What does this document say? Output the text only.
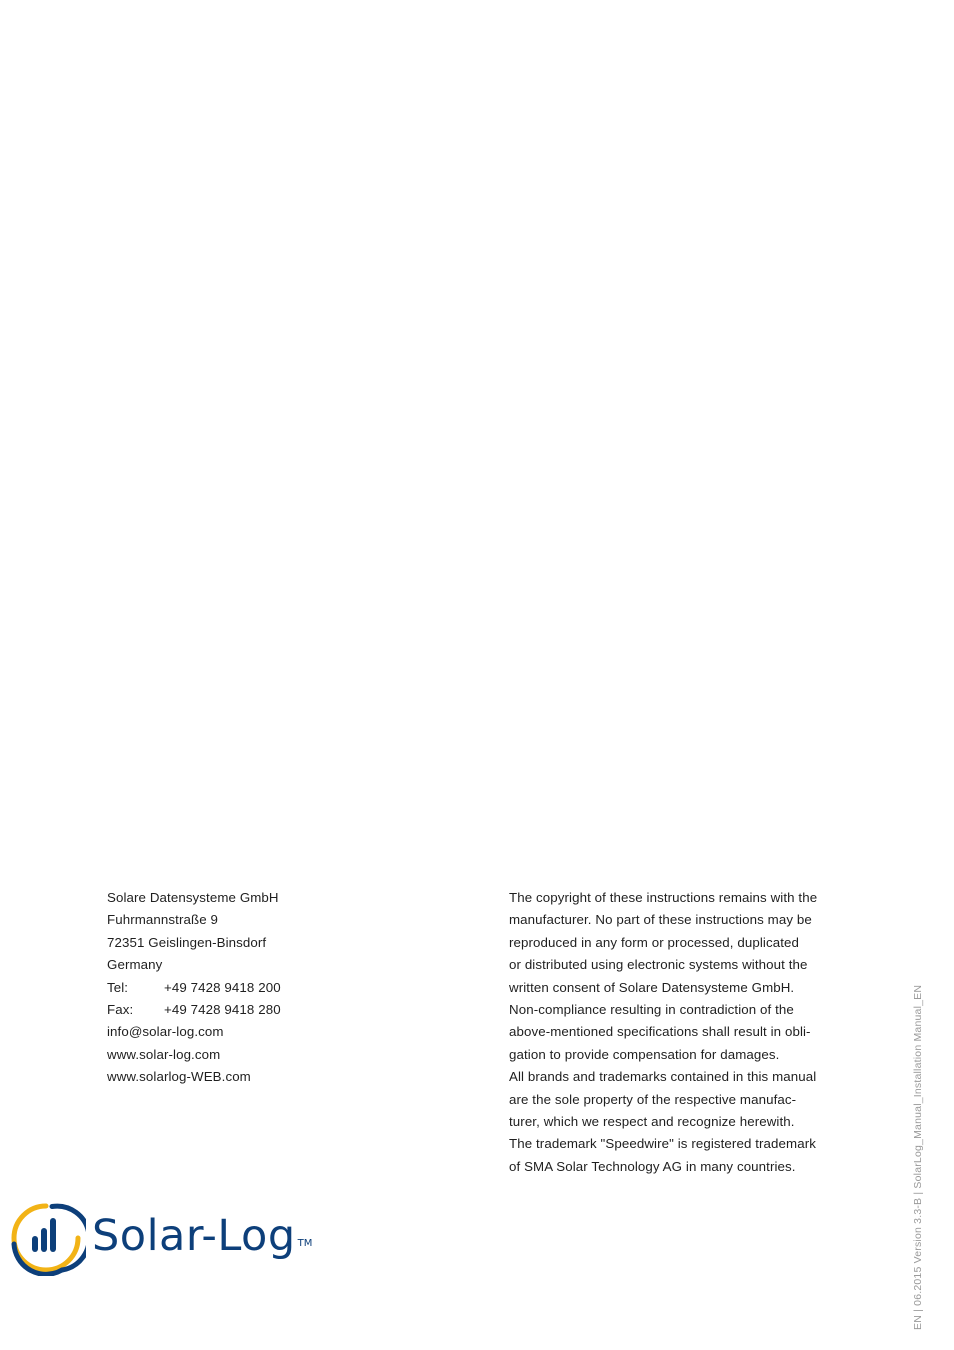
Solare Datensysteme GmbH
Fuhrmannstraße 9
72351 Geislingen-Binsdorf
Germany
Tel:	+49 7428 9418 200
Fax:	+49 7428 9418 280
info@solar-log.com
www.solar-log.com
www.solarlog-WEB.com
The copyright of these instructions remains with the
manufacturer. No part of these instructions may be
reproduced in any form or processed, duplicated
or distributed using electronic systems without the
written consent of Solare Datensysteme GmbH.
Non-compliance resulting in contradiction of the
above-mentioned specifications shall result in obli-
gation to provide compensation for damages.
All brands and trademarks contained in this manual
are the sole property of the respective manufac-
turer, which we respect and recognize herewith.
The trademark "Speedwire" is registered trademark
of SMA Solar Technology AG in many countries.	EN | 06.2015 Version 3.3-B | SolarLog_Manual_Installation Manual_EN
Solar-Log ™
